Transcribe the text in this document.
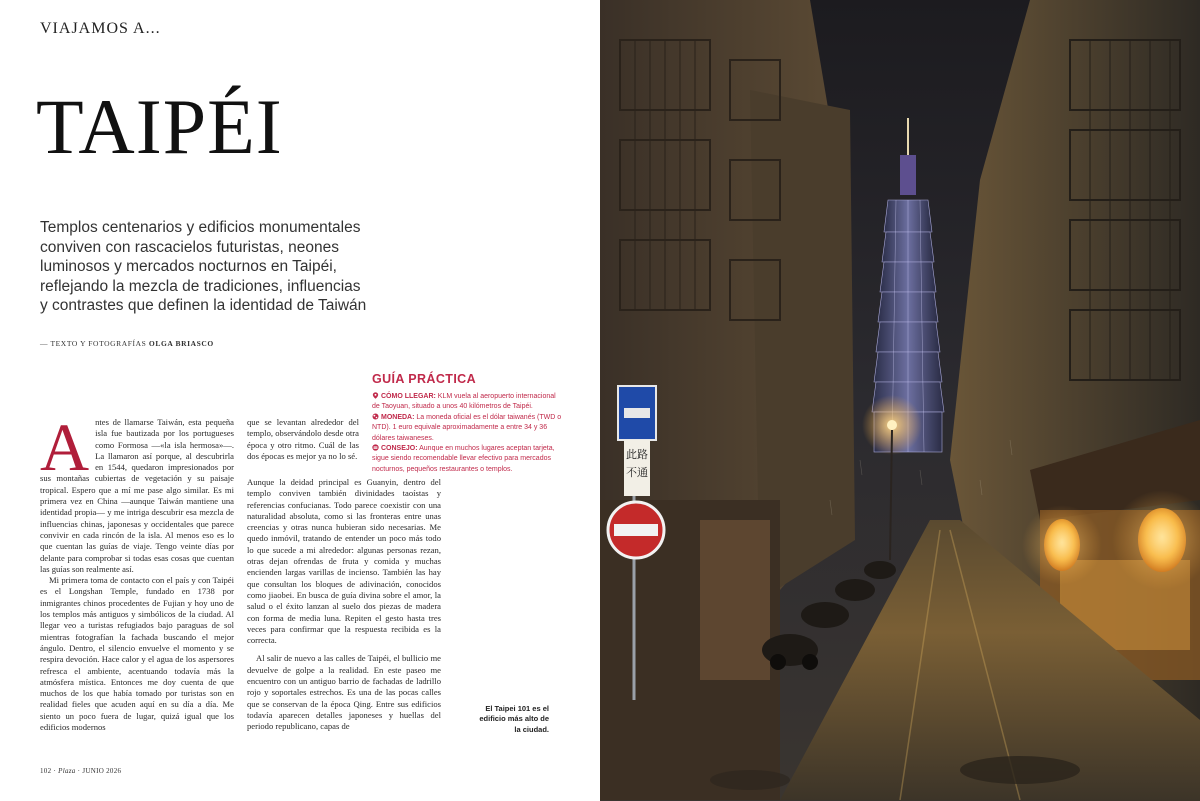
VIAJAMOS A...
TAIPÉI
Templos centenarios y edificios monumentales conviven con rascacielos futuristas, neones luminosos y mercados nocturnos en Taipéi, reflejando la mezcla de tradiciones, influencias y contrastes que definen la identidad de Taiwán
— TEXTO Y FOTOGRAFÍAS OLGA BRIASCO

Antes de llamarse Taiwán, esta pequeña isla fue bautizada por los portugueses como Formosa —«la isla hermosa»—. La llamaron así porque, al descubrirla en 1544, quedaron impresionados por sus montañas cubiertas de vegetación y su paisaje tropical. Espero que a mí me pase algo similar. Es mi primera vez en China —aunque Taiwán mantiene una identidad propia— y me intriga descubrir esa mezcla de influencias chinas, japonesas y occidentales que parece convivir en cada rincón de la isla. Al menos eso es lo que cuentan las guías de viaje. Tengo veinte días por delante para comprobar si todas esas cosas que cuentan las guías son realmente así.

Mi primera toma de contacto con el país y con Taipéi es el Longshan Temple, fundado en 1738 por inmigrantes chinos procedentes de Fujian y hoy uno de los templos más antiguos y simbólicos de la ciudad. Al llegar veo a turistas refugiados bajo paraguas de sol mientras fotografían la fachada buscando el mejor ángulo. Dentro, el silencio envuelve el momento y se respira devoción. Hace calor y el agua de los aspersores refresca el ambiente, acentuando todavía más la atmósfera mística. Entonces me doy cuenta de que muchos de los que había tomado por turistas son en realidad fieles que acuden aquí en su día a día. Me siento un poco fuera de lugar, quizá igual que los edificios modernos

que se levantan alrededor del templo, observándolo desde otra época y otro ritmo. Cuál de las dos épocas es mejor ya no lo sé.

Aunque la deidad principal es Guanyin, dentro del templo conviven también divinidades taoístas y referencias confucianas. Todo parece coexistir con una naturalidad absoluta, como si las fronteras entre unas creencias y otras nunca hubieran sido necesarias. Me quedo inmóvil, tratando de entender un poco más todo lo que sucede a mi alrededor: algunas personas rezan, otras dejan ofrendas de fruta y comida y muchas encienden largas varillas de incienso. También las hay que consultan los bloques de adivinación, conocidos como jiaobei. En busca de guía divina sobre el amor, la salud o el éxito lanzan al suelo dos piezas de madera con forma de media luna. Repiten el gesto hasta tres veces para confirmar que la respuesta recibida es la correcta.

Al salir de nuevo a las calles de Taipéi, el bullicio me devuelve de golpe a la realidad. En este paseo me encuentro con un antiguo barrio de fachadas de ladrillo rojo y soportales estrechos. Es una de las pocas calles que se conservan de la época Qing. Entre sus edificios todavía aparecen detalles japoneses y huellas del periodo republicano, capas de

GUÍA PRÁCTICA
CÓMO LLEGAR: KLM vuela al aeropuerto internacional de Taoyuan, situado a unos 40 kilómetros de Taipéi.
MONEDA: La moneda oficial es el dólar taiwanés (TWD o NTD). 1 euro equivale aproximadamente a entre 34 y 36 dólares taiwaneses.
CONSEJO: Aunque en muchos lugares aceptan tarjeta, sigue siendo recomendable llevar efectivo para mercados nocturnos, pequeños restaurantes o templos.
El Taipei 101 es el edificio más alto de la ciudad.
102 · Plaza · JUNIO 2026
此路
不通
